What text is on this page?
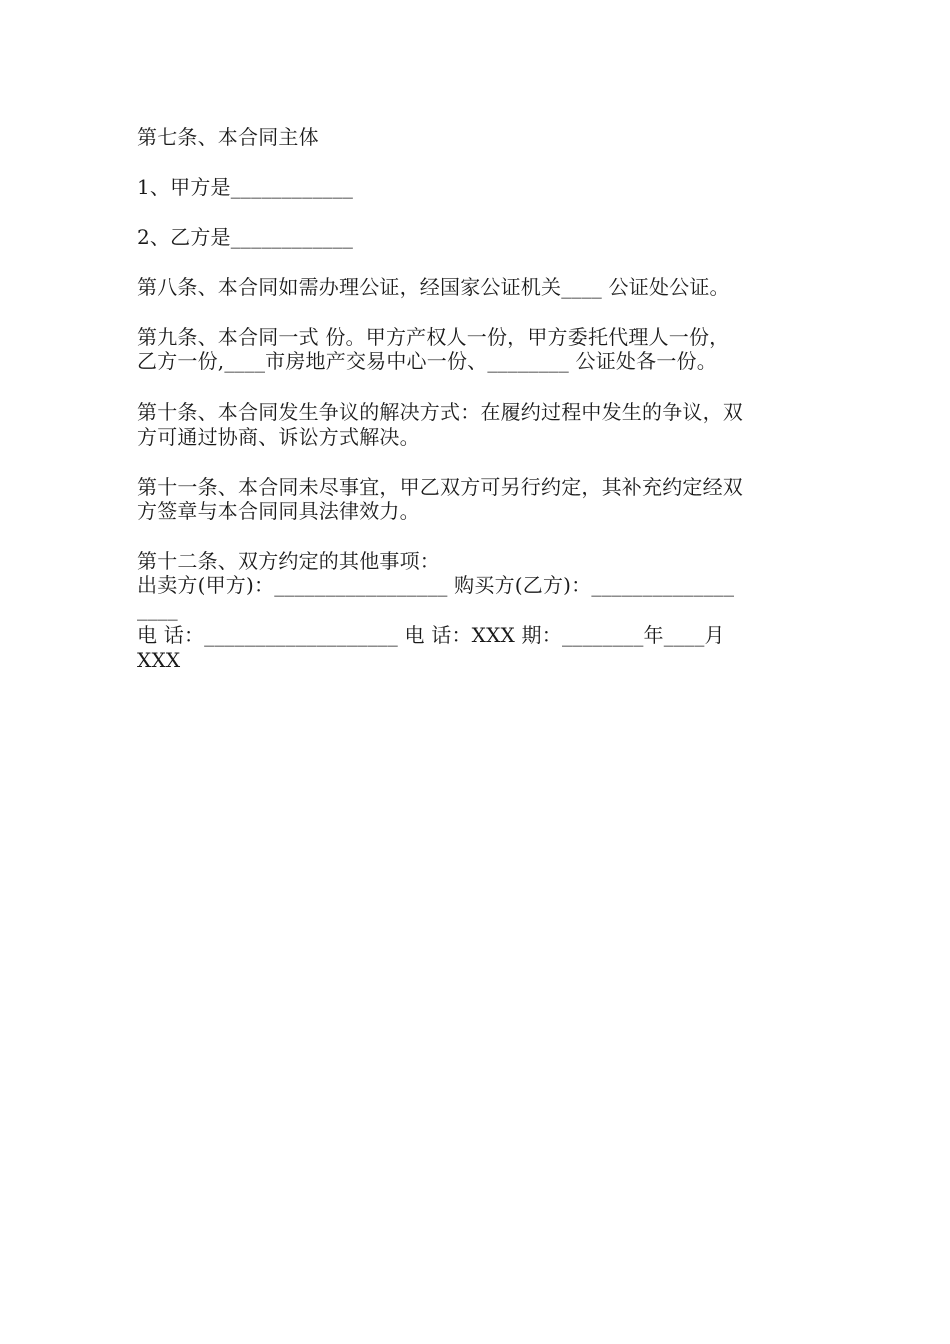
第七条、本合同主体
1、甲方是____________
2、乙方是____________
第八条、本合同如需办理公证，经国家公证机关____ 公证处公证。
第九条、本合同一式 份。甲方产权人一份，甲方委托代理人一份，
乙方一份,____市房地产交易中心一份、________ 公证处各一份。
第十条、本合同发生争议的解决方式：在履约过程中发生的争议，双
方可通过协商、诉讼方式解决。
第十一条、本合同未尽事宜，甲乙双方可另行约定，其补充约定经双
方签章与本合同同具法律效力。
第十二条、双方约定的其他事项：
出卖方(甲方)：_________________ 购买方(乙方)：______________
____
电 话：___________________ 电 话：XXX 期：________年____月
XXX
